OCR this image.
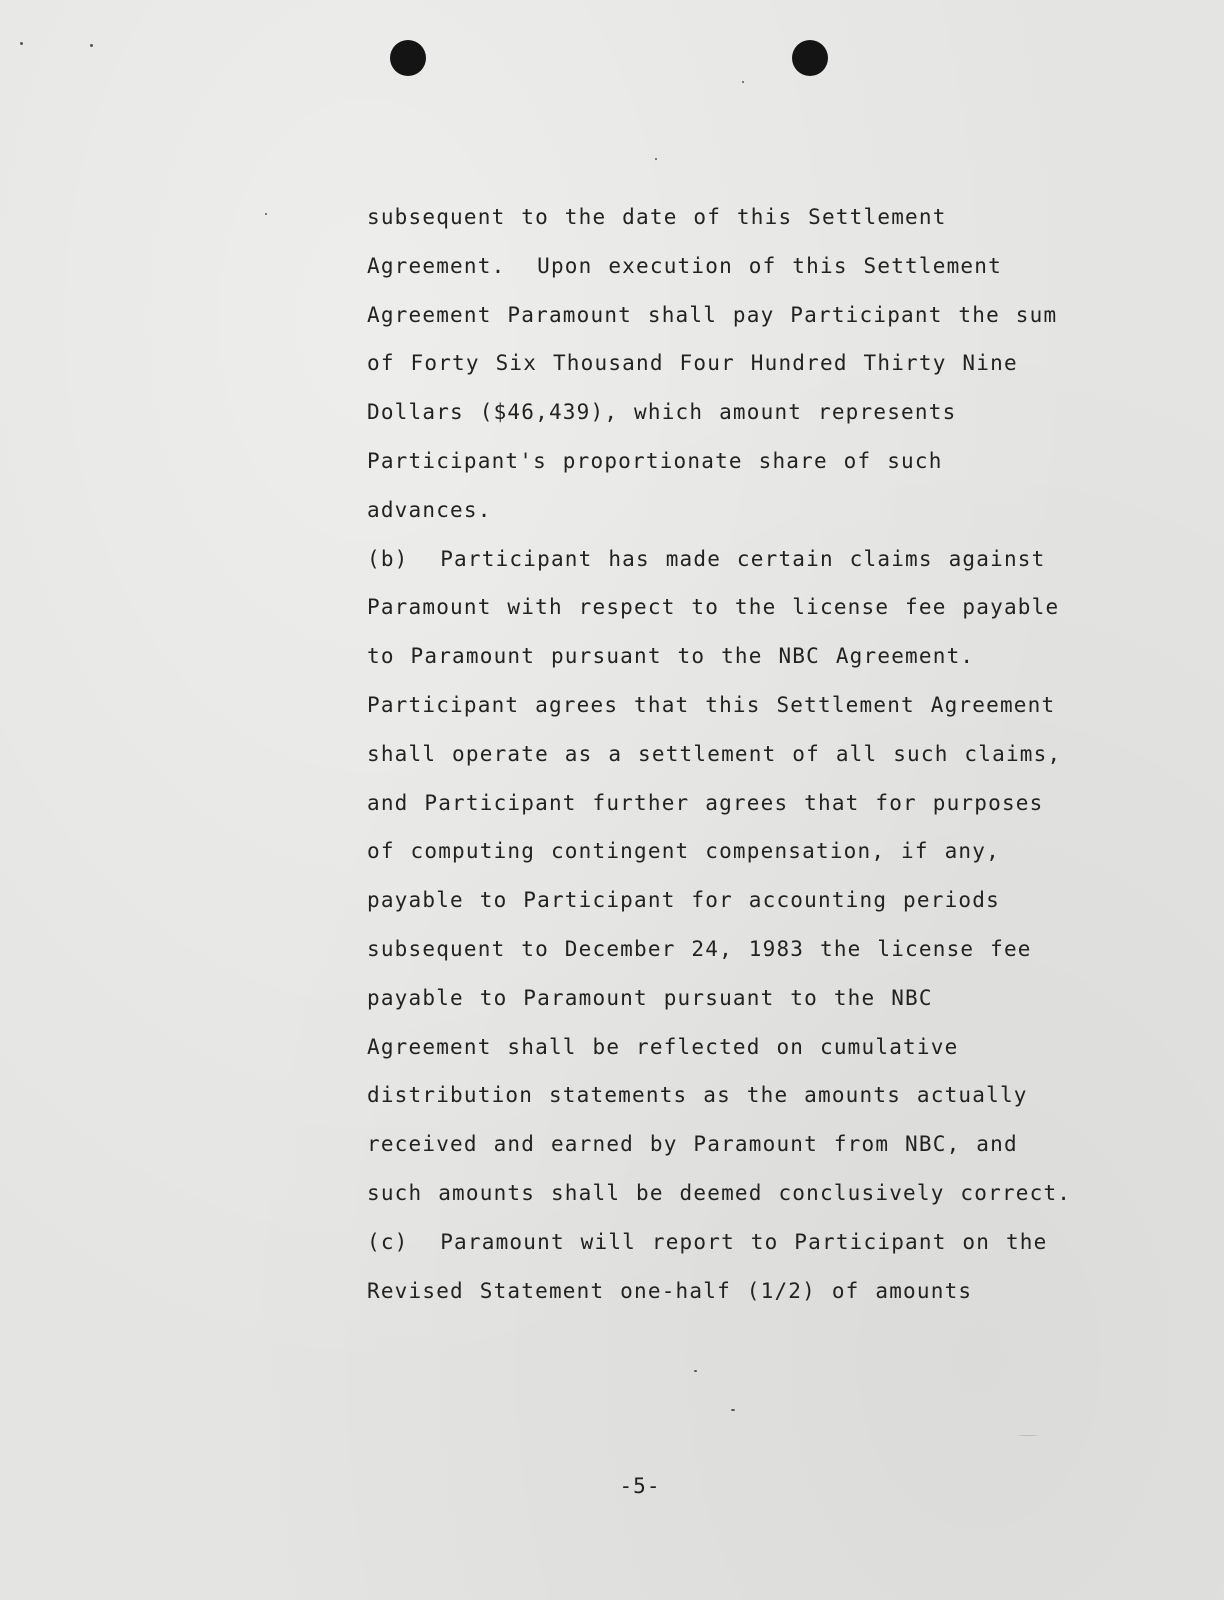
subsequent to the date of this Settlement
Agreement.  Upon execution of this Settlement
Agreement Paramount shall pay Participant the sum
of Forty Six Thousand Four Hundred Thirty Nine
Dollars ($46,439), which amount represents
Participant's proportionate share of such
advances.
(b)  Participant has made certain claims against
Paramount with respect to the license fee payable
to Paramount pursuant to the NBC Agreement.
Participant agrees that this Settlement Agreement
shall operate as a settlement of all such claims,
and Participant further agrees that for purposes
of computing contingent compensation, if any,
payable to Participant for accounting periods
subsequent to December 24, 1983 the license fee
payable to Paramount pursuant to the NBC
Agreement shall be reflected on cumulative
distribution statements as the amounts actually
received and earned by Paramount from NBC, and
such amounts shall be deemed conclusively correct.
(c)  Paramount will report to Participant on the
Revised Statement one-half (1/2) of amounts
-5-
